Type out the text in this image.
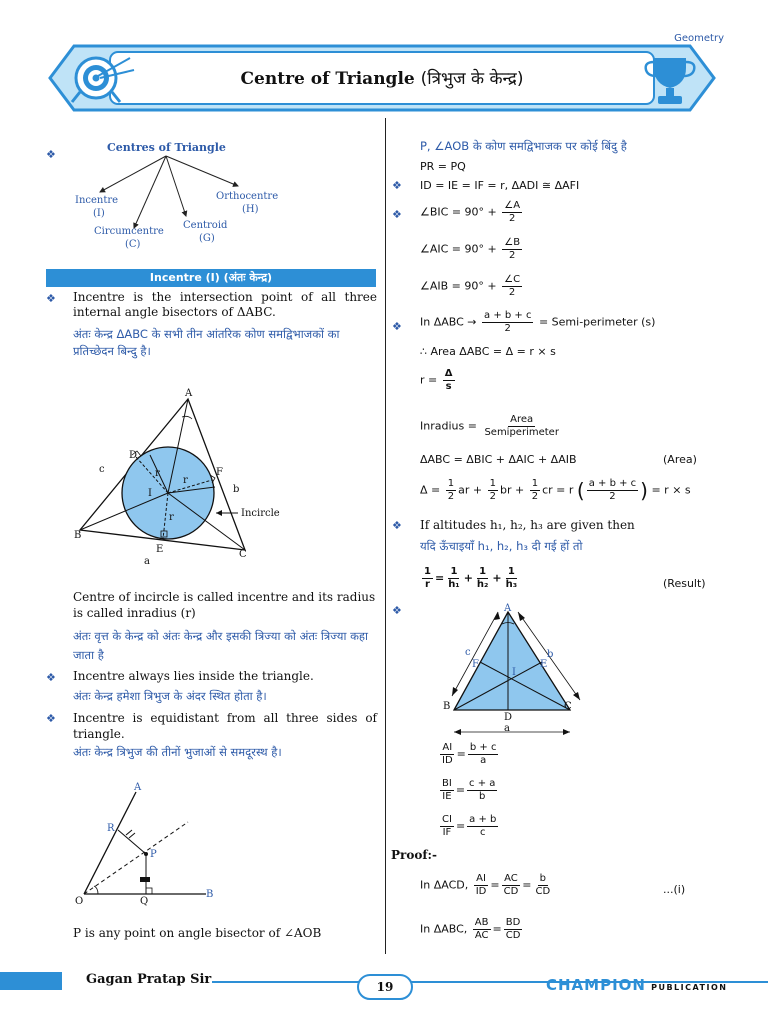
Geometry
Centre of Triangle (त्रिभुज के केन्द्र)
❖
Centres of Triangle
Incentre
(I)
Circumcentre
(C)
Centroid
(G)
Orthocentre
(H)
Incentre (I) (अंतः केन्द्र)
❖ Incentre is the intersection point of all three internal angle bisectors of ΔABC.
अंतः केन्द्र ΔABC के सभी तीन आंतरिक कोण समद्विभाजकों का प्रतिच्छेदन बिन्दु है।
A
B
C
D
E
F
I
r
r
r
a
b
c
Incircle
Centre of incircle is called incentre and its radius is called inradius (r)
अंतः वृत्त के केन्द्र को अंतः केन्द्र और इसकी त्रिज्या को अंतः त्रिज्या कहा जाता है
❖ Incentre always lies inside the triangle.
अंतः केन्द्र हमेशा त्रिभुज के अंदर स्थित होता है।
❖ Incentre is equidistant from all three sides of triangle.
अंतः केन्द्र त्रिभुज की तीनों भुजाओं से समदूरस्थ है।
A
R
P
O	Q
B
P is any point on angle bisector of ∠AOB
P, ∠AOB के कोण समद्विभाजक पर कोई बिंदु है
PR = PQ
❖ ID = IE = IF = r, ΔADI ≅ ΔAFI
❖ ∠BIC = $90^\circ + \frac{\angle A}{2}$
∠AIC = $90^\circ + \frac{\angle B}{2}$
∠AIB = $90^\circ + \frac{\angle C}{2}$
❖ In $\Delta ABC \to \frac{a + b + c}{2}$ = Semi-perimeter (s)
∴ Area ΔABC = Δ = r × s
$r = \frac{\Delta}{s}$
Inradius = $\frac{\text{Area}}{\text{Semiperimeter}}$
ΔABC = ΔBIC + ΔAIC + ΔAIB	(Area)
$\Delta = \frac{1}{2}$ ar + $\frac{1}{2}$ br + $\frac{1}{2}$ cr = r ( $\frac{a + b + c}{2}$ ) = r × s
❖ If altitudes h₁, h₂, h₃ are given then
यदि ऊँचाइयाँ h₁, h₂, h₃ दी गई हों तो
$\frac{1}{r} = \frac{1}{\text{h₁}} + \frac{1}{\text{h₂}} + \frac{1}{\text{h₃}}$	(Result)
❖	A
B	C
D
E
F
I
a
b
c
$\frac{AI}{ID} = \frac{b + c}{a}$
$\frac{BI}{IE} = \frac{c + a}{b}$
$\frac{CI}{IF} = \frac{a + b}{c}$
Proof:-
In ΔACD, $\frac{AI}{ID} = \frac{AC}{CD} = \frac{b}{CD}$	...(i)
In ΔABC, $\frac{AB}{AC} = \frac{BD}{CD}$
Gagan Pratap Sir	19	CHAMPION PUBLICATION
